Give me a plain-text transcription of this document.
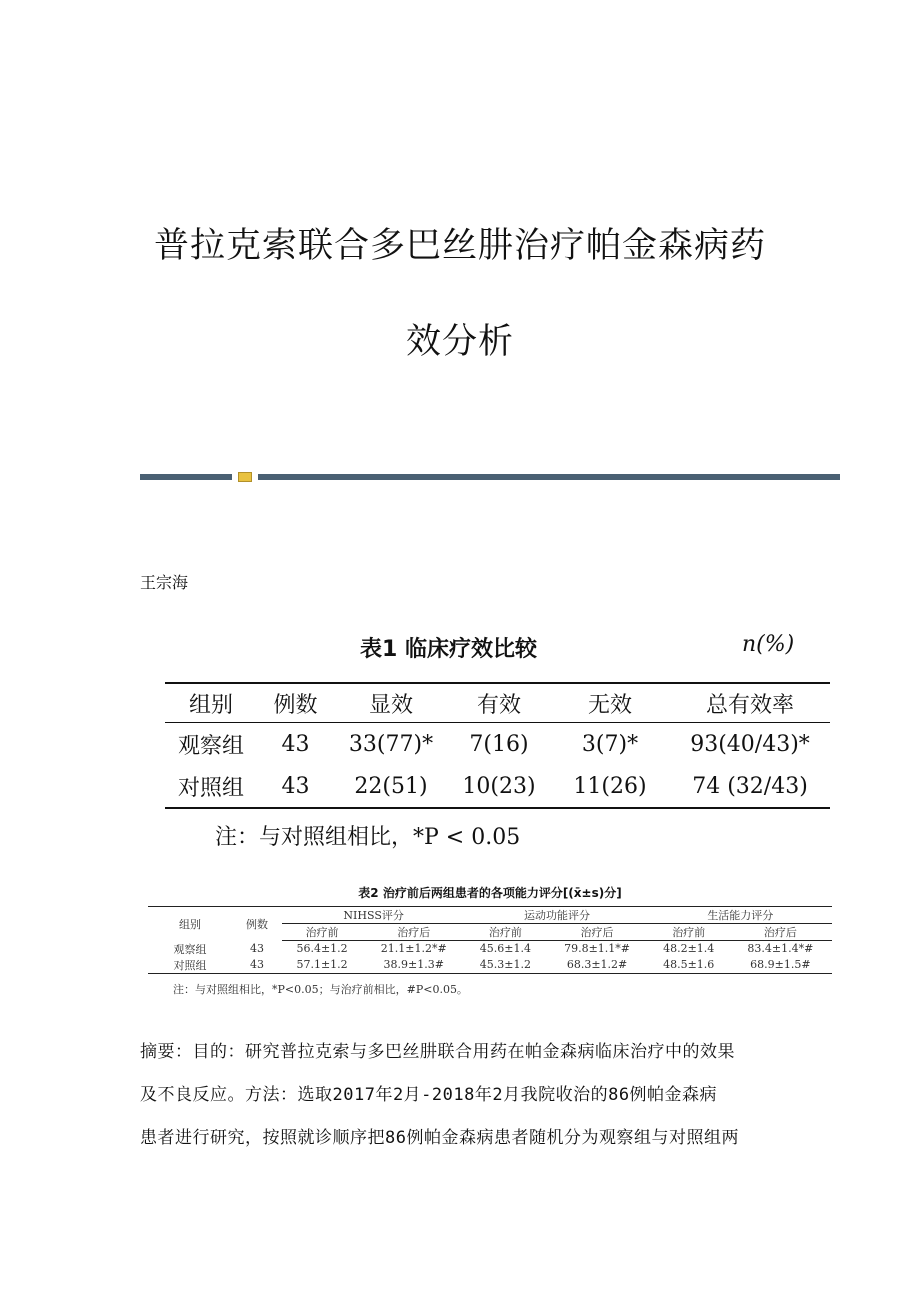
普拉克索联合多巴丝肼治疗帕金森病药
效分析
王宗海
表1 临床疗效比较	n(%)
组别	例数	显效	有效	无效	总有效率
观察组	43	33(77)*	7(16)	3(7)*	93(40/43)*
对照组	43	22(51)	10(23)	11(26)	74 (32/43)
注：与对照组相比，*P < 0.05
表2 治疗前后两组患者的各项能力评分[(x̄±s)分]
组别	例数	NIHSS评分		运动功能评分		生活能力评分	
		治疗前	治疗后	治疗前	治疗后	治疗前	治疗后
观察组	43	56.4±1.2	21.1±1.2*#	45.6±1.4	79.8±1.1*#	48.2±1.4	83.4±1.4*#
对照组	43	57.1±1.2	38.9±1.3#	45.3±1.2	68.3±1.2#	48.5±1.6	68.9±1.5#
注：与对照组相比，*P<0.05；与治疗前相比，#P<0.05。

摘要：目的：研究普拉克索与多巴丝肼联合用药在帕金森病临床治疗中的效果
及不良反应。方法：选取2017年2月-2018年2月我院收治的86例帕金森病
患者进行研究，按照就诊顺序把86例帕金森病患者随机分为观察组与对照组两
